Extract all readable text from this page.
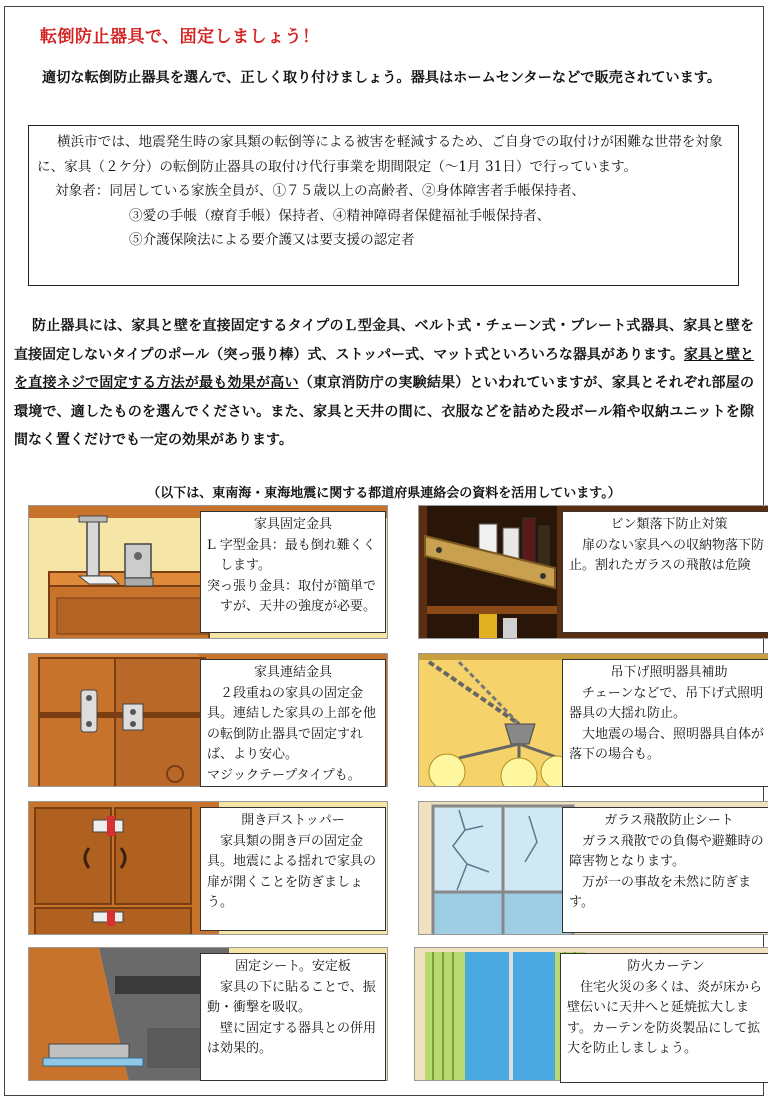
転倒防止器具で、固定しましょう！
適切な転倒防止器具を選んで、正しく取り付けましょう。器具はホームセンターなどで販売されています。

横浜市では、地震発生時の家具類の転倒等による被害を軽減するため、ご自身での取付けが困難な世帯を対象に、家具（２ケ分）の転倒防止器具の取付け代行事業を期間限定（～1月 31日）で行っています。

対象者：同居している家族全員が、①７５歳以上の高齢者、②身体障害者手帳保持者、
③愛の手帳（療育手帳）保持者、④精神障碍者保健福祉手帳保持者、
⑤介護保険法による要介護又は要支援の認定者
防止器具には、家具と壁を直接固定するタイプのＬ型金具、ベルト式・チェーン式・プレート式器具、家具と壁を直接固定しないタイプのポール（突っ張り棒）式、ストッパー式、マット式といろいろな器具があります。家具と壁とを直接ネジで固定する方法が最も効果が高い（東京消防庁の実験結果）といわれていますが、家具とそれぞれ部屋の環境で、適したものを選んでください。また、家具と天井の間に、衣服などを詰めた段ボール箱や収納ユニットを隙間なく置くだけでも一定の効果があります。
（以下は、東南海・東海地震に関する都道府県連絡会の資料を活用しています。）
家具固定金具

L 字型金具：最も倒れ難くくします。

突っ張り金具：取付が簡単ですが、天井の強度が必要。

ビン類落下防止対策

扉のない家具への収納物落下防止。割れたガラスの飛散は危険

家具連結金具

２段重ねの家具の固定金具。連結した家具の上部を他の転倒防止器具で固定すれば、より安心。

マジックテープタイプも。

吊下げ照明器具補助

チェーンなどで、吊下げ式照明器具の大揺れ防止。

大地震の場合、照明器具自体が落下の場合も。

開き戸ストッパー

家具類の開き戸の固定金具。地震による揺れで家具の扉が開くことを防ぎましょう。

ガラス飛散防止シート

ガラス飛散での負傷や避難時の障害物となります。

万が一の事故を未然に防ぎます。

固定シート。安定板

家具の下に貼ることで、振動・衝撃を吸収。

壁に固定する器具との併用は効果的。

防火カーテン

住宅火災の多くは、炎が床から壁伝いに天井へと延焼拡大します。カーテンを防炎製品にして拡大を防止しましょう。
